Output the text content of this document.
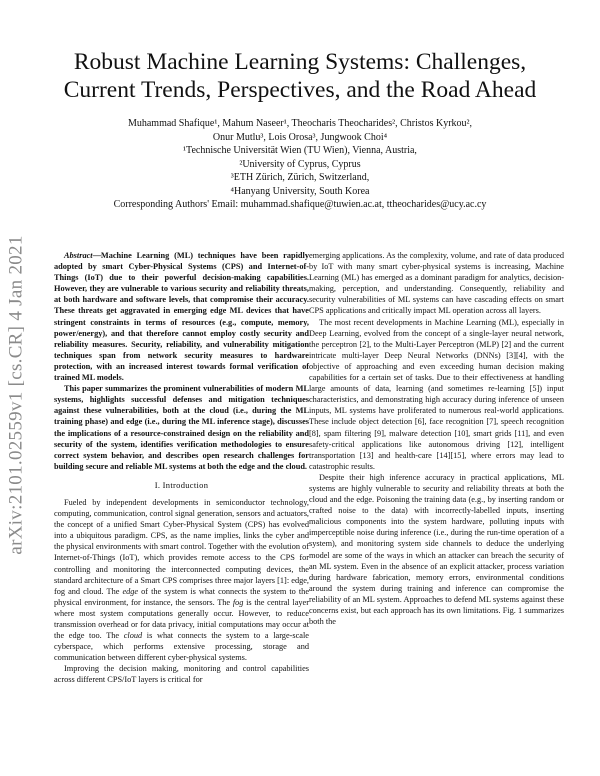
arXiv:2101.02559v1 [cs.CR] 4 Jan 2021
Robust Machine Learning Systems: Challenges, Current Trends, Perspectives, and the Road Ahead
Muhammad Shafique¹, Mahum Naseer¹, Theocharis Theocharides², Christos Kyrkou²,
Onur Mutlu³, Lois Orosa³, Jungwook Choi⁴
¹Technische Universität Wien (TU Wien), Vienna, Austria,
²University of Cyprus, Cyprus
³ETH Zürich, Zürich, Switzerland,
⁴Hanyang University, South Korea
Corresponding Authors' Email: muhammad.shafique@tuwien.ac.at, ttheocharides@ucy.ac.cy

Abstract—Machine Learning (ML) techniques have been rapidly adopted by smart Cyber-Physical Systems (CPS) and Internet-of-Things (IoT) due to their powerful decision-making capabilities. However, they are vulnerable to various security and reliability threats, at both hardware and software levels, that compromise their accuracy. These threats get aggravated in emerging edge ML devices that have stringent constraints in terms of resources (e.g., compute, memory, power/energy), and that therefore cannot employ costly security and reliability measures. Security, reliability, and vulnerability mitigation techniques span from network security measures to hardware protection, with an increased interest towards formal verification of trained ML models.

This paper summarizes the prominent vulnerabilities of modern ML systems, highlights successful defenses and mitigation techniques against these vulnerabilities, both at the cloud (i.e., during the ML training phase) and edge (i.e., during the ML inference stage), discusses the implications of a resource-constrained design on the reliability and security of the system, identifies verification methodologies to ensure correct system behavior, and describes open research challenges for building secure and reliable ML systems at both the edge and the cloud.

I. Introduction

Fueled by independent developments in semiconductor technology, computing, communication, control signal generation, sensors and actuators, the concept of a unified Smart Cyber-Physical System (CPS) has evolved into a ubiquitous paradigm. CPS, as the name implies, links the cyber and the physical environments with smart control. Together with the evolution of Internet-of-Things (IoT), which provides remote access to the CPS for controlling and monitoring the interconnected computing devices, the standard architecture of a Smart CPS comprises three major layers [1]: edge, fog and cloud. The edge of the system is what connects the system to the physical environment, for instance, the sensors. The fog is the central layer where most system computations generally occur. However, to reduce transmission overhead or for data privacy, initial computations may occur at the edge too. The cloud is what connects the system to a large-scale cyberspace, which performs extensive processing, storage and communication between different cyber-physical systems.

Improving the decision making, monitoring and control capabilities across different CPS/IoT layers is critical for

emerging applications. As the complexity, volume, and rate of data produced by IoT with many smart cyber-physical systems is increasing, Machine Learning (ML) has emerged as a dominant paradigm for analytics, decision-making, perception, and understanding. Consequently, reliability and security vulnerabilities of ML systems can have cascading effects on smart CPS applications and critically impact ML operation across all layers.

The most recent developments in Machine Learning (ML), especially in Deep Learning, evolved from the concept of a single-layer neural network, the perceptron [2], to the Multi-Layer Perceptron (MLP) [2] and the current intricate multi-layer Deep Neural Networks (DNNs) [3][4], with the objective of approaching and even exceeding human decision making capabilities for a certain set of tasks. Due to their effectiveness at handling large amounts of data, learning (and sometimes re-learning [5]) input characteristics, and demonstrating high accuracy during inference of unseen inputs, ML systems have proliferated to numerous real-world applications. These include object detection [6], face recognition [7], speech recognition [8], spam filtering [9], malware detection [10], smart grids [11], and even safety-critical applications like autonomous driving [12], intelligent transportation [13] and health-care [14][15], where errors may lead to catastrophic results.

Despite their high inference accuracy in practical applications, ML systems are highly vulnerable to security and reliability threats at both the cloud and the edge. Poisoning the training data (e.g., by inserting random or crafted noise to the data) with incorrectly-labelled inputs, inserting malicious components into the system hardware, polluting inputs with imperceptible noise during inference (i.e., during the run-time operation of a system), and monitoring system side channels to deduce the underlying model are some of the ways in which an attacker can breach the security of an ML system. Even in the absence of an explicit attacker, process variation during hardware fabrication, memory errors, environmental conditions around the system during training and inference can compromise the reliability of an ML system. Approaches to defend ML systems against these concerns exist, but each approach has its own limitations. Fig. 1 summarizes both the
